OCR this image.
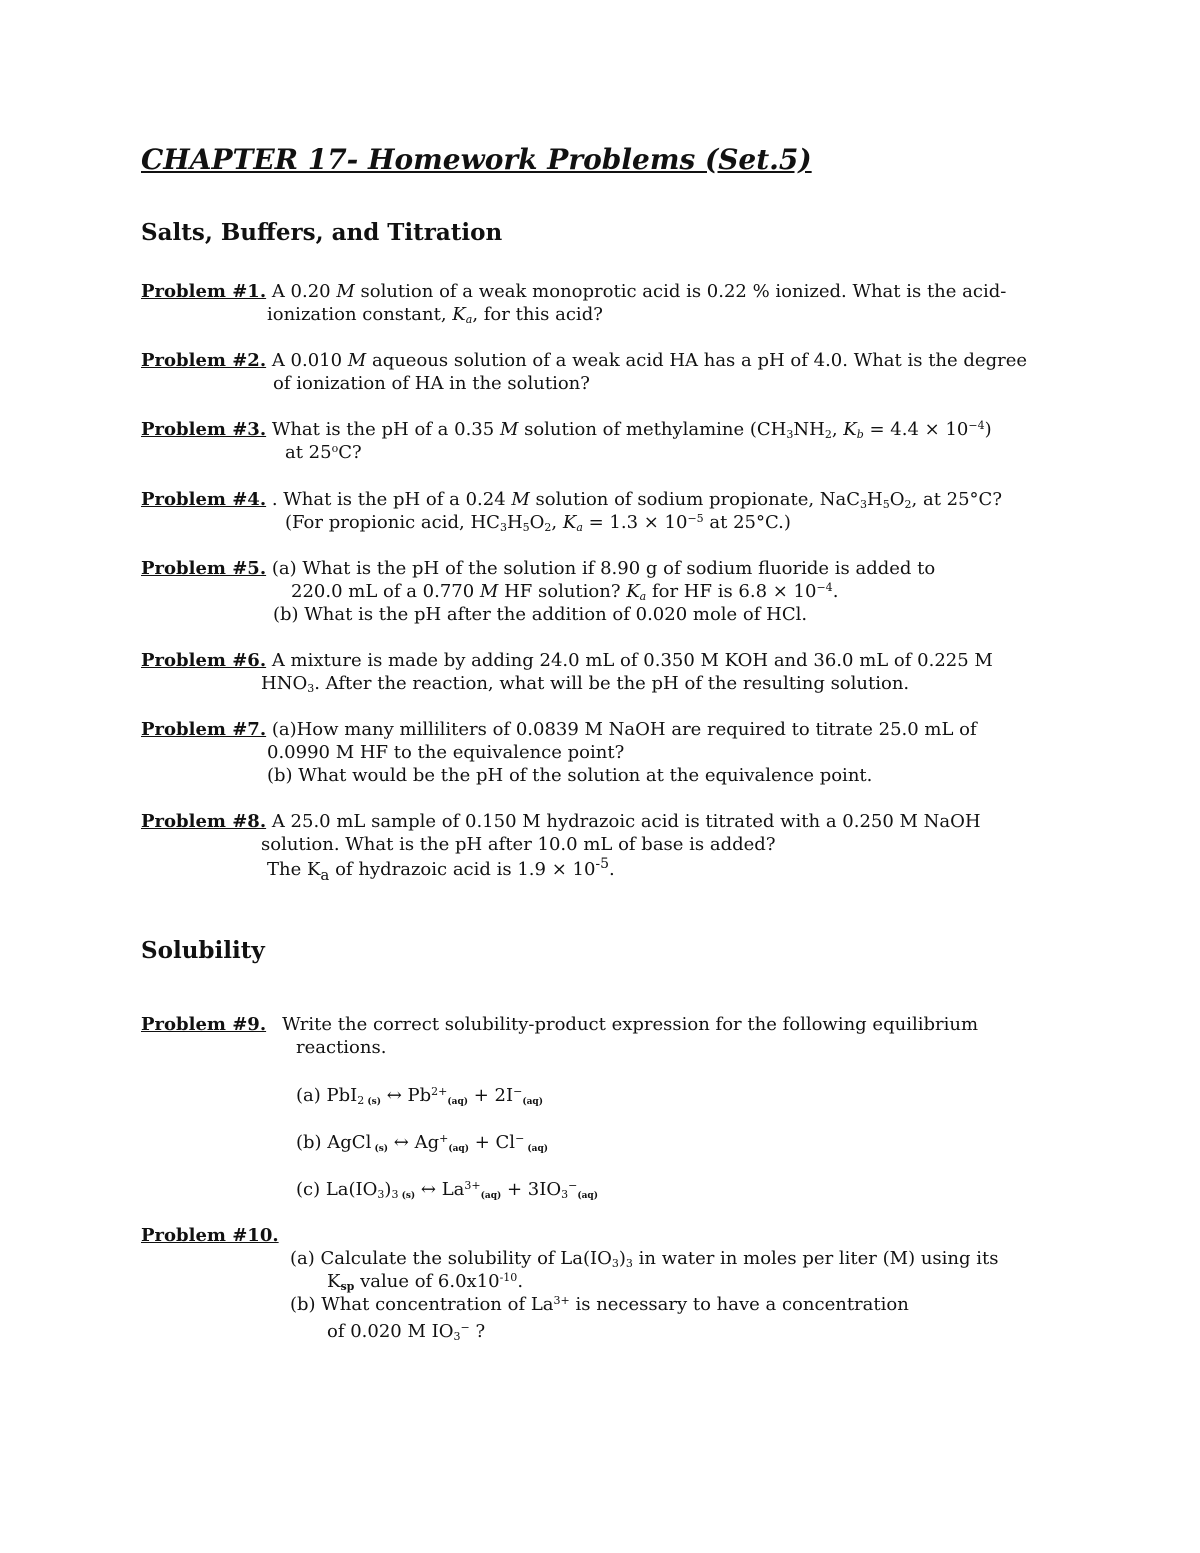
CHAPTER 17- Homework Problems (Set.5)
Salts, Buffers, and Titration
Problem #1. A 0.20 M solution of a weak monoprotic acid is 0.22 % ionized. What is the acid-
ionization constant, $K_a$, for this acid?
Problem #2. A 0.010 M aqueous solution of a weak acid HA has a pH of 4.0. What is the degree
of ionization of HA in the solution?
Problem #3. What is the pH of a 0.35 M solution of methylamine ($CH_3NH_2$, $K_b = 4.4 \times 10^{-4}$)
at 25$^o$C?
Problem #4. . What is the pH of a 0.24 M solution of sodium propionate, $NaC_3H_5O_2$, at 25°C?
(For propionic acid, $HC_3H_5O_2$, $K_a = 1.3 \times 10^{-5}$ at 25°C.)
Problem #5. (a) What is the pH of the solution if 8.90 g of sodium fluoride is added to
220.0 mL of a 0.770 M HF solution? $K_a$ for HF is $6.8 \times 10^{-4}$.
(b) What is the pH after the addition of 0.020 mole of HCl.
Problem #6. A mixture is made by adding 24.0 mL of 0.350 M KOH and 36.0 mL of 0.225 M
$HNO_3$. After the reaction, what will be the pH of the resulting solution.
Problem #7. (a)How many milliliters of 0.0839 M NaOH are required to titrate 25.0 mL of
0.0990 M HF to the equivalence point?
(b) What would be the pH of the solution at the equivalence point.
Problem #8. A 25.0 mL sample of 0.150 M hydrazoic acid is titrated with a 0.250 M NaOH
solution. What is the pH after 10.0 mL of base is added?
The $K_a$ of hydrazoic acid is $1.9 \times 10^{-5}$.
Solubility
Problem #9. Write the correct solubility-product expression for the following equilibrium
reactions.
(a) PbI$_2$ $_{(s)}$ ↔ $Pb^{2+}_{(aq)} + 2I^-_{(aq)}$
(b) AgCl $_{(s)}$ ↔ $Ag^+_{(aq)} + Cl^-$ $_{(aq)}$
(c) $La(IO_3)_3$ $_{(s)}$ ↔ $La^{3+}_{(aq)} + 3IO_3^-_{(aq)}$
Problem #10.
(a) Calculate the solubility of $La(IO_3)_3$ in water in moles per liter (M) using its
$K_{sp}$ value of $6.0x10^{-10}$.
(b) What concentration of $La^{3+}$ is necessary to have a concentration
of 0.020 M $IO_3^-$ ?
